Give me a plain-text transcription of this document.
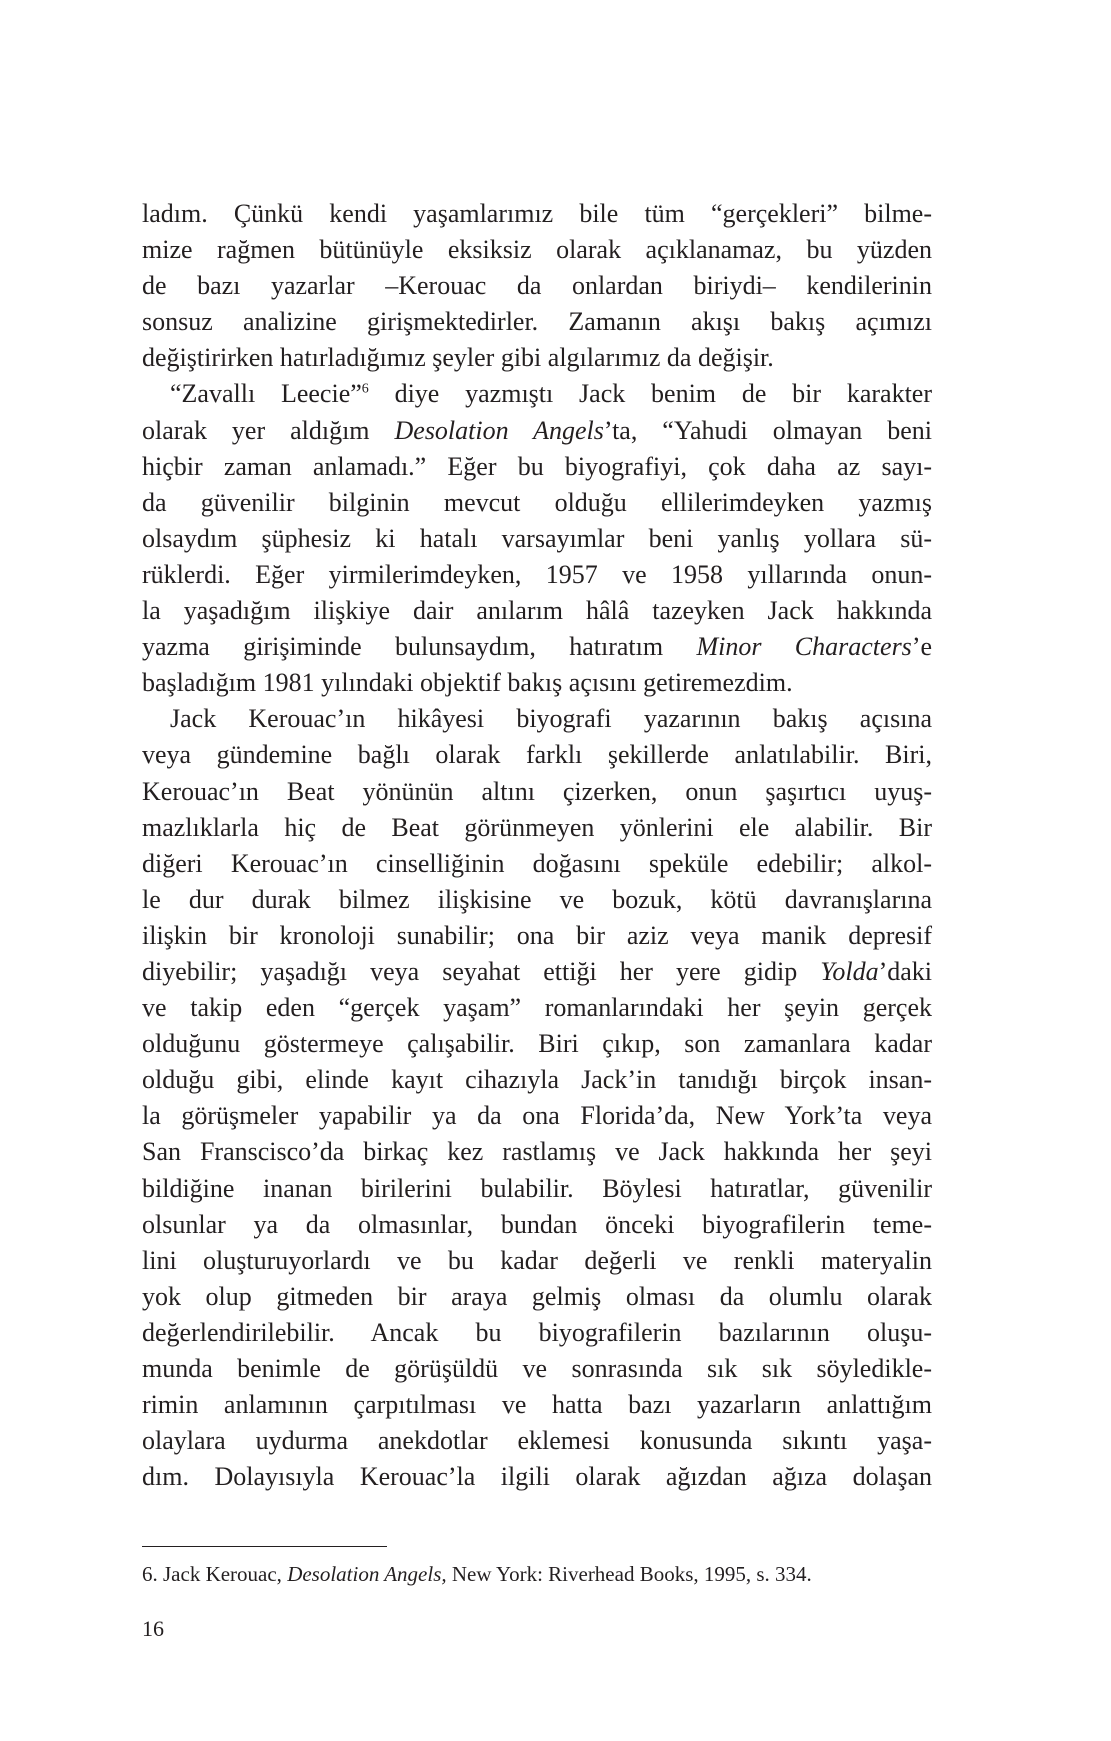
ladım. Çünkü kendi yaşamlarımız bile tüm “gerçekleri” bilme-
mize rağmen bütünüyle eksiksiz olarak açıklanamaz, bu yüzden
de bazı yazarlar –Kerouac da onlardan biriydi– kendilerinin
sonsuz analizine girişmektedirler. Zamanın akışı bakış açımızı
değiştirirken hatırladığımız şeyler gibi algılarımız da değişir.
“Zavallı Leecie”$^6$ diye yazmıştı Jack benim de bir karakter
olarak yer aldığım Desolation Angels’ta, “Yahudi olmayan beni
hiçbir zaman anlamadı.” Eğer bu biyografiyi, çok daha az sayı-
da güvenilir bilginin mevcut olduğu ellilerimdeyken yazmış
olsaydım şüphesiz ki hatalı varsayımlar beni yanlış yollara sü-
rüklerdi. Eğer yirmilerimdeyken, 1957 ve 1958 yıllarında onun-
la yaşadığım ilişkiye dair anılarım hâlâ tazeyken Jack hakkında
yazma girişiminde bulunsaydım, hatıratım Minor Characters’e
başladığım 1981 yılındaki objektif bakış açısını getiremezdim.
Jack Kerouac’ın hikâyesi biyografi yazarının bakış açısına
veya gündemine bağlı olarak farklı şekillerde anlatılabilir. Biri,
Kerouac’ın Beat yönünün altını çizerken, onun şaşırtıcı uyuş-
mazlıklarla hiç de Beat görünmeyen yönlerini ele alabilir. Bir
diğeri Kerouac’ın cinselliğinin doğasını spekülе edebilir; alkol-
le dur durak bilmez ilişkisine ve bozuk, kötü davranışlarına
ilişkin bir kronoloji sunabilir; ona bir aziz veya manik depresif
diyebilir; yaşadığı veya seyahat ettiği her yere gidip Yolda’daki
ve takip eden “gerçek yaşam” romanlarındaki her şeyin gerçek
olduğunu göstermeye çalışabilir. Biri çıkıp, son zamanlara kadar
olduğu gibi, elinde kayıt cihazıyla Jack’in tanıdığı birçok insan-
la görüşmeler yapabilir ya da ona Florida’da, New York’ta veya
San Franscisco’da birkaç kez rastlamış ve Jack hakkında her şeyi
bildiğine inanan birilerini bulabilir. Böylesi hatıratlar, güvenilir
olsunlar ya da olmasınlar, bundan önceki biyografilerin teme-
lini oluşturuyorlardı ve bu kadar değerli ve renkli materyalin
yok olup gitmeden bir araya gelmiş olması da olumlu olarak
değerlendirilebilir. Ancak bu biyografilerin bazılarının oluşu-
munda benimle de görüşüldü ve sonrasında sık sık söyledikle-
rimin anlamının çarpıtılması ve hatta bazı yazarların anlattığım
olaylara uydurma anekdotlar eklemesi konusunda sıkıntı yaşa-
dım. Dolayısıyla Kerouac’la ilgili olarak ağızdan ağıza dolaşan
6. Jack Kerouac, Desolation Angels, New York: Riverhead Books, 1995, s. 334.
16
